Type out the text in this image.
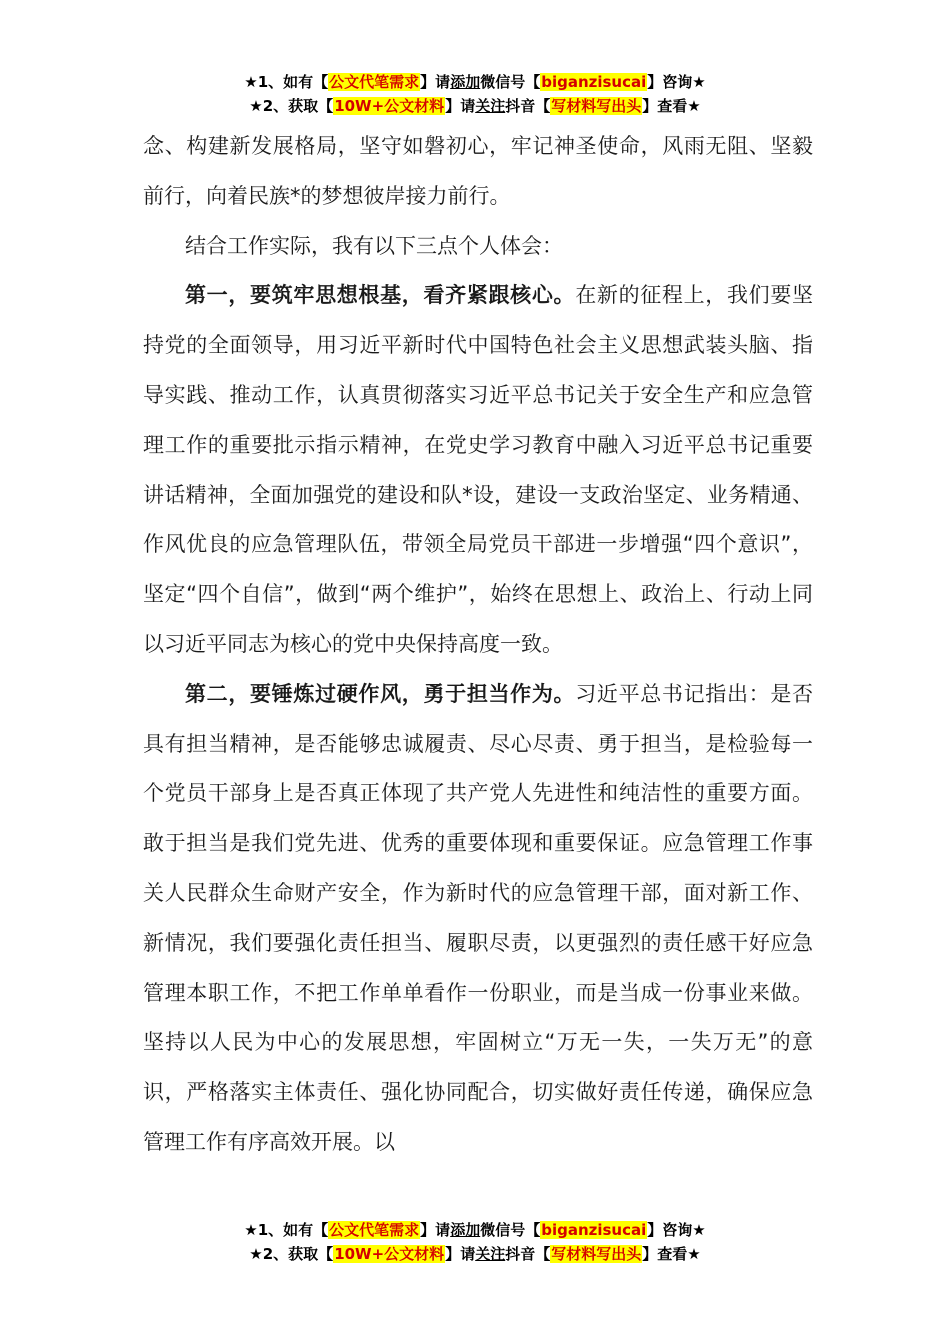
★1、如有【公文代笔需求】请添加微信号【biganzisucai】咨询★
★2、获取【10W+公文材料】请关注抖音【写材料写出头】查看★

念、构建新发展格局，坚守如磐初心，牢记神圣使命，风雨无阻、坚毅前行，向着民族*的梦想彼岸接力前行。

结合工作实际，我有以下三点个人体会：

第一，要筑牢思想根基，看齐紧跟核心。在新的征程上，我们要坚持党的全面领导，用习近平新时代中国特色社会主义思想武装头脑、指导实践、推动工作，认真贯彻落实习近平总书记关于安全生产和应急管理工作的重要批示指示精神，在党史学习教育中融入习近平总书记重要讲话精神，全面加强党的建设和队*设，建设一支政治坚定、业务精通、作风优良的应急管理队伍，带领全局党员干部进一步增强“四个意识”，坚定“四个自信”，做到“两个维护”，始终在思想上、政治上、行动上同以习近平同志为核心的党中央保持高度一致。

第二，要锤炼过硬作风，勇于担当作为。习近平总书记指出：是否具有担当精神，是否能够忠诚履责、尽心尽责、勇于担当，是检验每一个党员干部身上是否真正体现了共产党人先进性和纯洁性的重要方面。敢于担当是我们党先进、优秀的重要体现和重要保证。应急管理工作事关人民群众生命财产安全，作为新时代的应急管理干部，面对新工作、新情况，我们要强化责任担当、履职尽责，以更强烈的责任感干好应急管理本职工作，不把工作单单看作一份职业，而是当成一份事业来做。坚持以人民为中心的发展思想，牢固树立“万无一失，一失万无”的意识，严格落实主体责任、强化协同配合，切实做好责任传递，确保应急管理工作有序高效开展。以

★1、如有【公文代笔需求】请添加微信号【biganzisucai】咨询★
★2、获取【10W+公文材料】请关注抖音【写材料写出头】查看★
